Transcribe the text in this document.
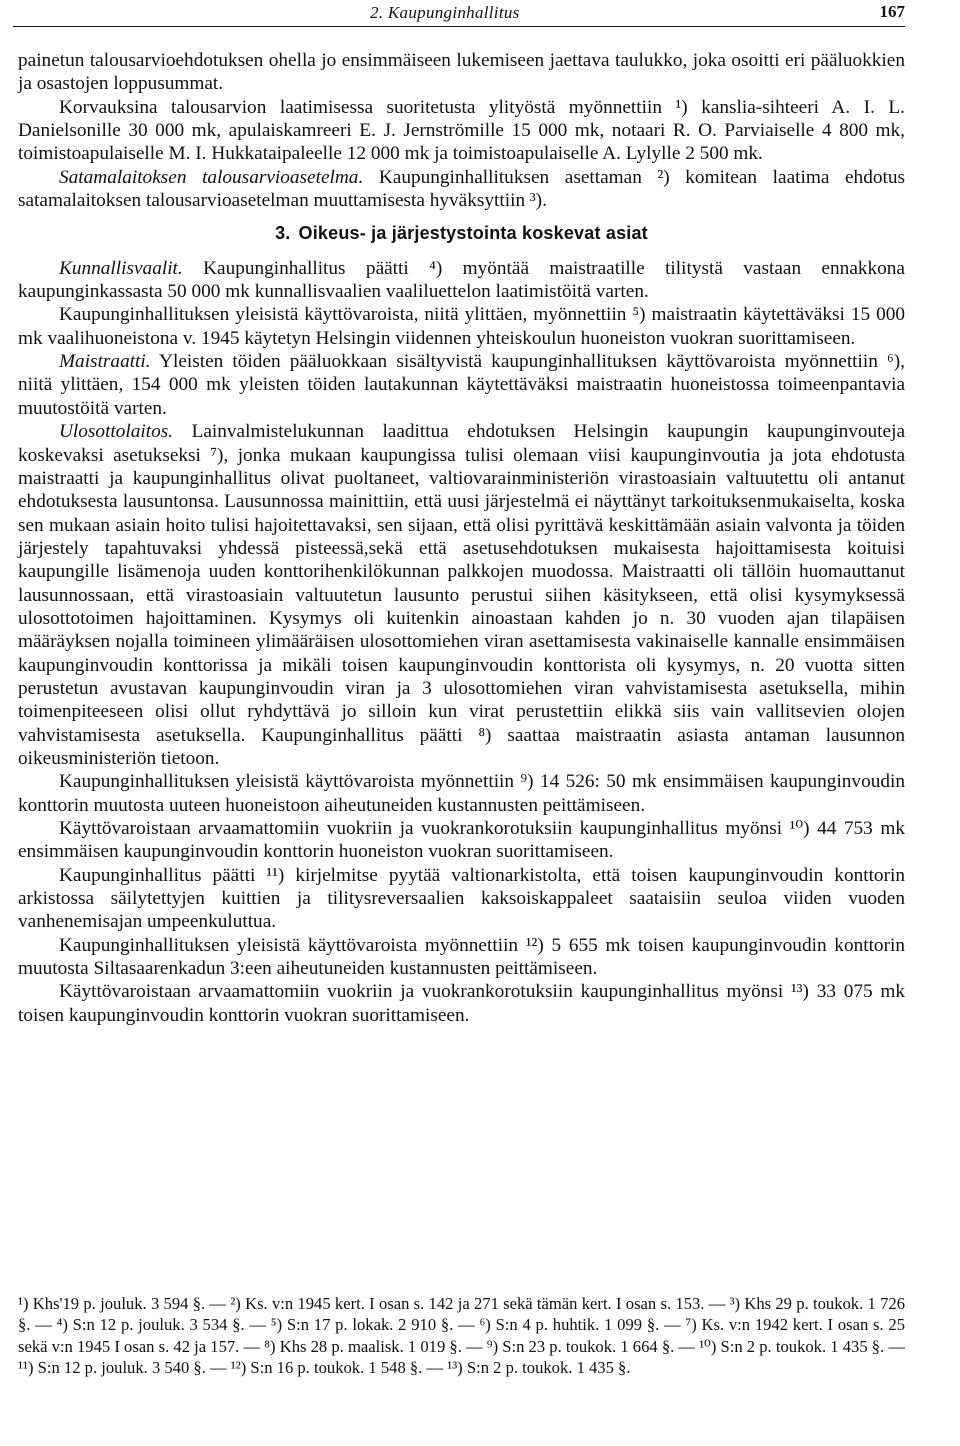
2. Kaupunginhallitus	167

painetun talousarvioehdotuksen ohella jo ensimmäiseen lukemiseen jaettava taulukko, joka osoitti eri pääluokkien ja osastojen loppusummat.

Korvauksina talousarvion laatimisessa suoritetusta ylityöstä myönnettiin ¹) kanslia-sihteeri A. I. L. Danielsonille 30 000 mk, apulaiskamreeri E. J. Jernströmille 15 000 mk, notaari R. O. Parviaiselle 4 800 mk, toimistoapulaiselle M. I. Hukkataipaleelle 12 000 mk ja toimistoapulaiselle A. Lylylle 2 500 mk.

Satamalaitoksen talousarvioasetelma. Kaupunginhallituksen asettaman ²) komitean laatima ehdotus satamalaitoksen talousarvioasetelman muuttamisesta hyväksyttiin ³).

3. Oikeus- ja järjestystointa koskevat asiat

Kunnallisvaalit. Kaupunginhallitus päätti ⁴) myöntää maistraatille tilitystä vastaan ennakkona kaupunginkassasta 50 000 mk kunnallisvaalien vaaliluettelon laatimistöitä varten.

Kaupunginhallituksen yleisistä käyttövaroista, niitä ylittäen, myönnettiin ⁵) maistraatin käytettäväksi 15 000 mk vaalihuoneistona v. 1945 käytetyn Helsingin viidennen yhteiskoulun huoneiston vuokran suorittamiseen.

Maistraatti. Yleisten töiden pääluokkaan sisältyvistä kaupunginhallituksen käyttövaroista myönnettiin ⁶), niitä ylittäen, 154 000 mk yleisten töiden lautakunnan käytettäväksi maistraatin huoneistossa toimeenpantavia muutostöitä varten.

Ulosottolaitos. Lainvalmistelukunnan laadittua ehdotuksen Helsingin kaupungin kaupunginvouteja koskevaksi asetukseksi ⁷), jonka mukaan kaupungissa tulisi olemaan viisi kaupunginvoutia ja jota ehdotusta maistraatti ja kaupunginhallitus olivat puoltaneet, valtiovarainministeriön virastoasiain valtuutettu oli antanut ehdotuksesta lausuntonsa. Lausunnossa mainittiin, että uusi järjestelmä ei näyttänyt tarkoituksenmukaiselta, koska sen mukaan asiain hoito tulisi hajoitettavaksi, sen sijaan, että olisi pyrittävä keskittämään asiain valvonta ja töiden järjestely tapahtuvaksi yhdessä pisteessä,sekä että asetusehdotuksen mukaisesta hajoittamisesta koituisi kaupungille lisämenoja uuden konttorihenkilökunnan palkkojen muodossa. Maistraatti oli tällöin huomauttanut lausunnossaan, että virastoasiain valtuutetun lausunto perustui siihen käsitykseen, että olisi kysymyksessä ulosottotoimen hajoittaminen. Kysymys oli kuitenkin ainoastaan kahden jo n. 30 vuoden ajan tilapäisen määräyksen nojalla toimineen ylimääräisen ulosottomiehen viran asettamisesta vakinaiselle kannalle ensimmäisen kaupunginvoudin konttorissa ja mikäli toisen kaupunginvoudin konttorista oli kysymys, n. 20 vuotta sitten perustetun avustavan kaupunginvoudin viran ja 3 ulosottomiehen viran vahvistamisesta asetuksella, mihin toimenpiteeseen olisi ollut ryhdyttävä jo silloin kun virat perustettiin elikkä siis vain vallitsevien olojen vahvistamisesta asetuksella. Kaupunginhallitus päätti ⁸) saattaa maistraatin asiasta antaman lausunnon oikeusministeriön tietoon.

Kaupunginhallituksen yleisistä käyttövaroista myönnettiin ⁹) 14 526: 50 mk ensimmäisen kaupunginvoudin konttorin muutosta uuteen huoneistoon aiheutuneiden kustannusten peittämiseen.

Käyttövaroistaan arvaamattomiin vuokriin ja vuokrankorotuksiin kaupunginhallitus myönsi ¹⁰) 44 753 mk ensimmäisen kaupunginvoudin konttorin huoneiston vuokran suorittamiseen.

Kaupunginhallitus päätti ¹¹) kirjelmitse pyytää valtionarkistolta, että toisen kaupunginvoudin konttorin arkistossa säilytettyjen kuittien ja tilitysreversaalien kaksoiskappaleet saataisiin seuloa viiden vuoden vanhenemisajan umpeenkuluttua.

Kaupunginhallituksen yleisistä käyttövaroista myönnettiin ¹²) 5 655 mk toisen kaupunginvoudin konttorin muutosta Siltasaarenkadun 3:een aiheutuneiden kustannusten peittämiseen.

Käyttövaroistaan arvaamattomiin vuokriin ja vuokrankorotuksiin kaupunginhallitus myönsi ¹³) 33 075 mk toisen kaupunginvoudin konttorin vuokran suorittamiseen.

¹) Khs'19 p. jouluk. 3 594 §. — ²) Ks. v:n 1945 kert. I osan s. 142 ja 271 sekä tämän kert. I osan s. 153. — ³) Khs 29 p. toukok. 1 726 §. — ⁴) S:n 12 p. jouluk. 3 534 §. — ⁵) S:n 17 p. lokak. 2 910 §. — ⁶) S:n 4 p. huhtik. 1 099 §. — ⁷) Ks. v:n 1942 kert. I osan s. 25 sekä v:n 1945 I osan s. 42 ja 157. — ⁸) Khs 28 p. maalisk. 1 019 §. — ⁹) S:n 23 p. toukok. 1 664 §. — ¹⁰) S:n 2 p. toukok. 1 435 §. — ¹¹) S:n 12 p. jouluk. 3 540 §. — ¹²) S:n 16 p. toukok. 1 548 §. — ¹³) S:n 2 p. toukok. 1 435 §.
